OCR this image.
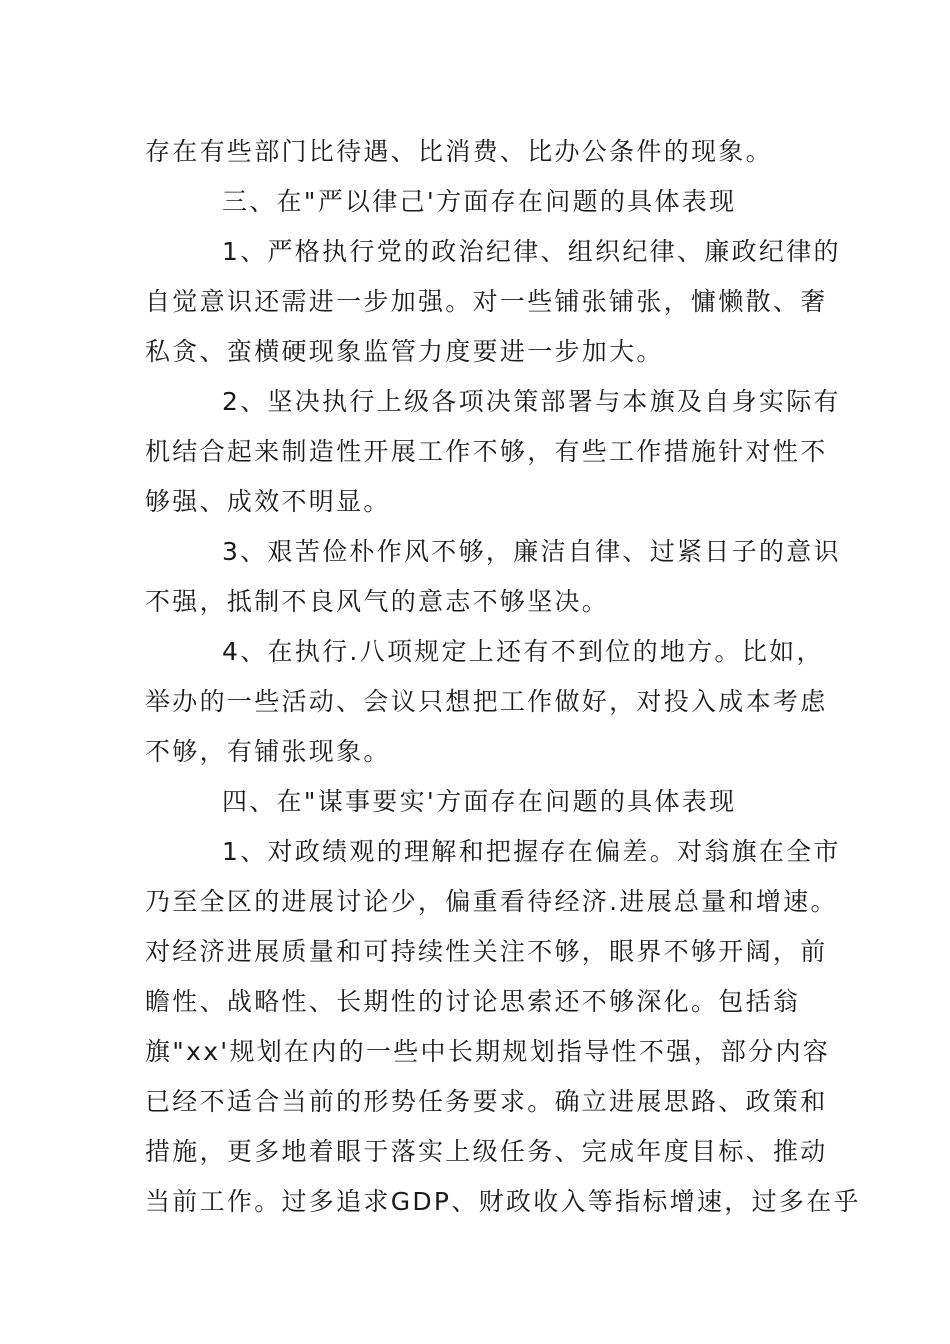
存在有些部门比待遇、比消费、比办公条件的现象。
三、在"严以律己'方面存在问题的具体表现
1、严格执行党的政治纪律、组织纪律、廉政纪律的
自觉意识还需进一步加强。对一些铺张铺张，慵懒散、奢
私贪、蛮横硬现象监管力度要进一步加大。
2、坚决执行上级各项决策部署与本旗及自身实际有
机结合起来制造性开展工作不够，有些工作措施针对性不
够强、成效不明显。
3、艰苦俭朴作风不够，廉洁自律、过紧日子的意识
不强，抵制不良风气的意志不够坚决。
4、在执行.八项规定上还有不到位的地方。比如，
举办的一些活动、会议只想把工作做好，对投入成本考虑
不够，有铺张现象。
四、在"谋事要实'方面存在问题的具体表现
1、对政绩观的理解和把握存在偏差。对翁旗在全市
乃至全区的进展讨论少，偏重看待经济.进展总量和增速。
对经济进展质量和可持续性关注不够，眼界不够开阔，前
瞻性、战略性、长期性的讨论思索还不够深化。包括翁
旗"xx'规划在内的一些中长期规划指导性不强，部分内容
已经不适合当前的形势任务要求。确立进展思路、政策和
措施，更多地着眼于落实上级任务、完成年度目标、推动
当前工作。过多追求GDP、财政收入等指标增速，过多在乎
